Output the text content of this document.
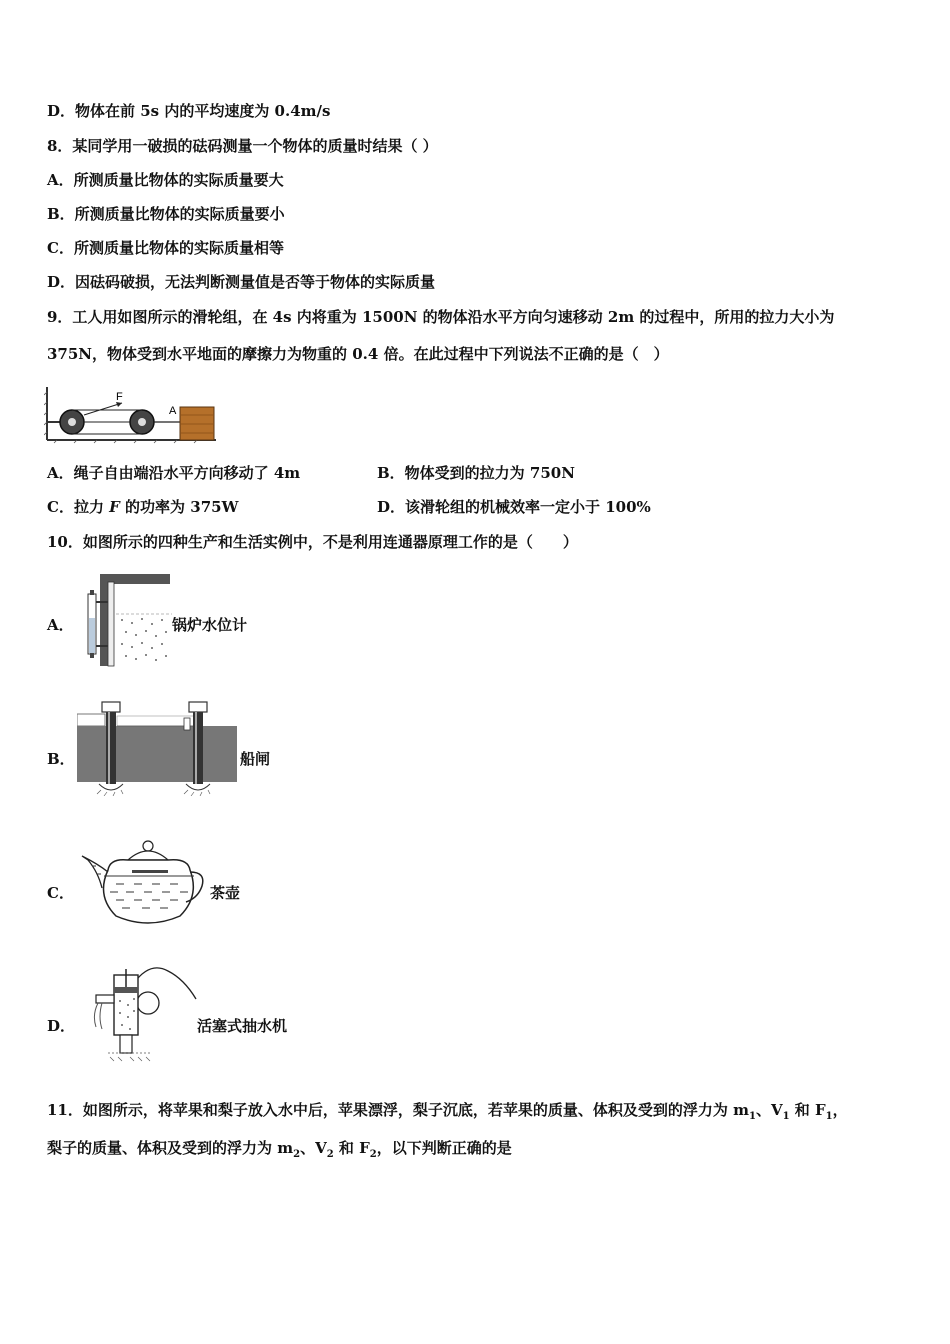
D．物体在前 5s 内的平均速度为 0.4m/s
8．某同学用一破损的砝码测量一个物体的质量时结果（ ）
A．所测质量比物体的实际质量要大
B．所测质量比物体的实际质量要小
C．所测质量比物体的实际质量相等
D．因砝码破损，无法判断测量值是否等于物体的实际质量
9．工人用如图所示的滑轮组，在 4s 内将重为 1500N 的物体沿水平方向匀速移动 2m 的过程中，所用的拉力大小为
375N，物体受到水平地面的摩擦力为物重的 0.4 倍。在此过程中下列说法不正确的是（　）
F
A
A．绳子自由端沿水平方向移动了 4m	B．物体受到的拉力为 750N
C．拉力 F 的功率为 375W	D．该滑轮组的机械效率一定小于 100%
10．如图所示的四种生产和生活实例中，不是利用连通器原理工作的是（　　）
A．	锅炉水位计
B．	船闸
C．	茶壶
D．	活塞式抽水机
11．如图所示，将苹果和梨子放入水中后，苹果漂浮，梨子沉底，若苹果的质量、体积及受到的浮力为 $m_1$、$V_1$ 和 $F_1$，
梨子的质量、体积及受到的浮力为 $m_2$、$V_2$ 和 $F_2$，以下判断正确的是
